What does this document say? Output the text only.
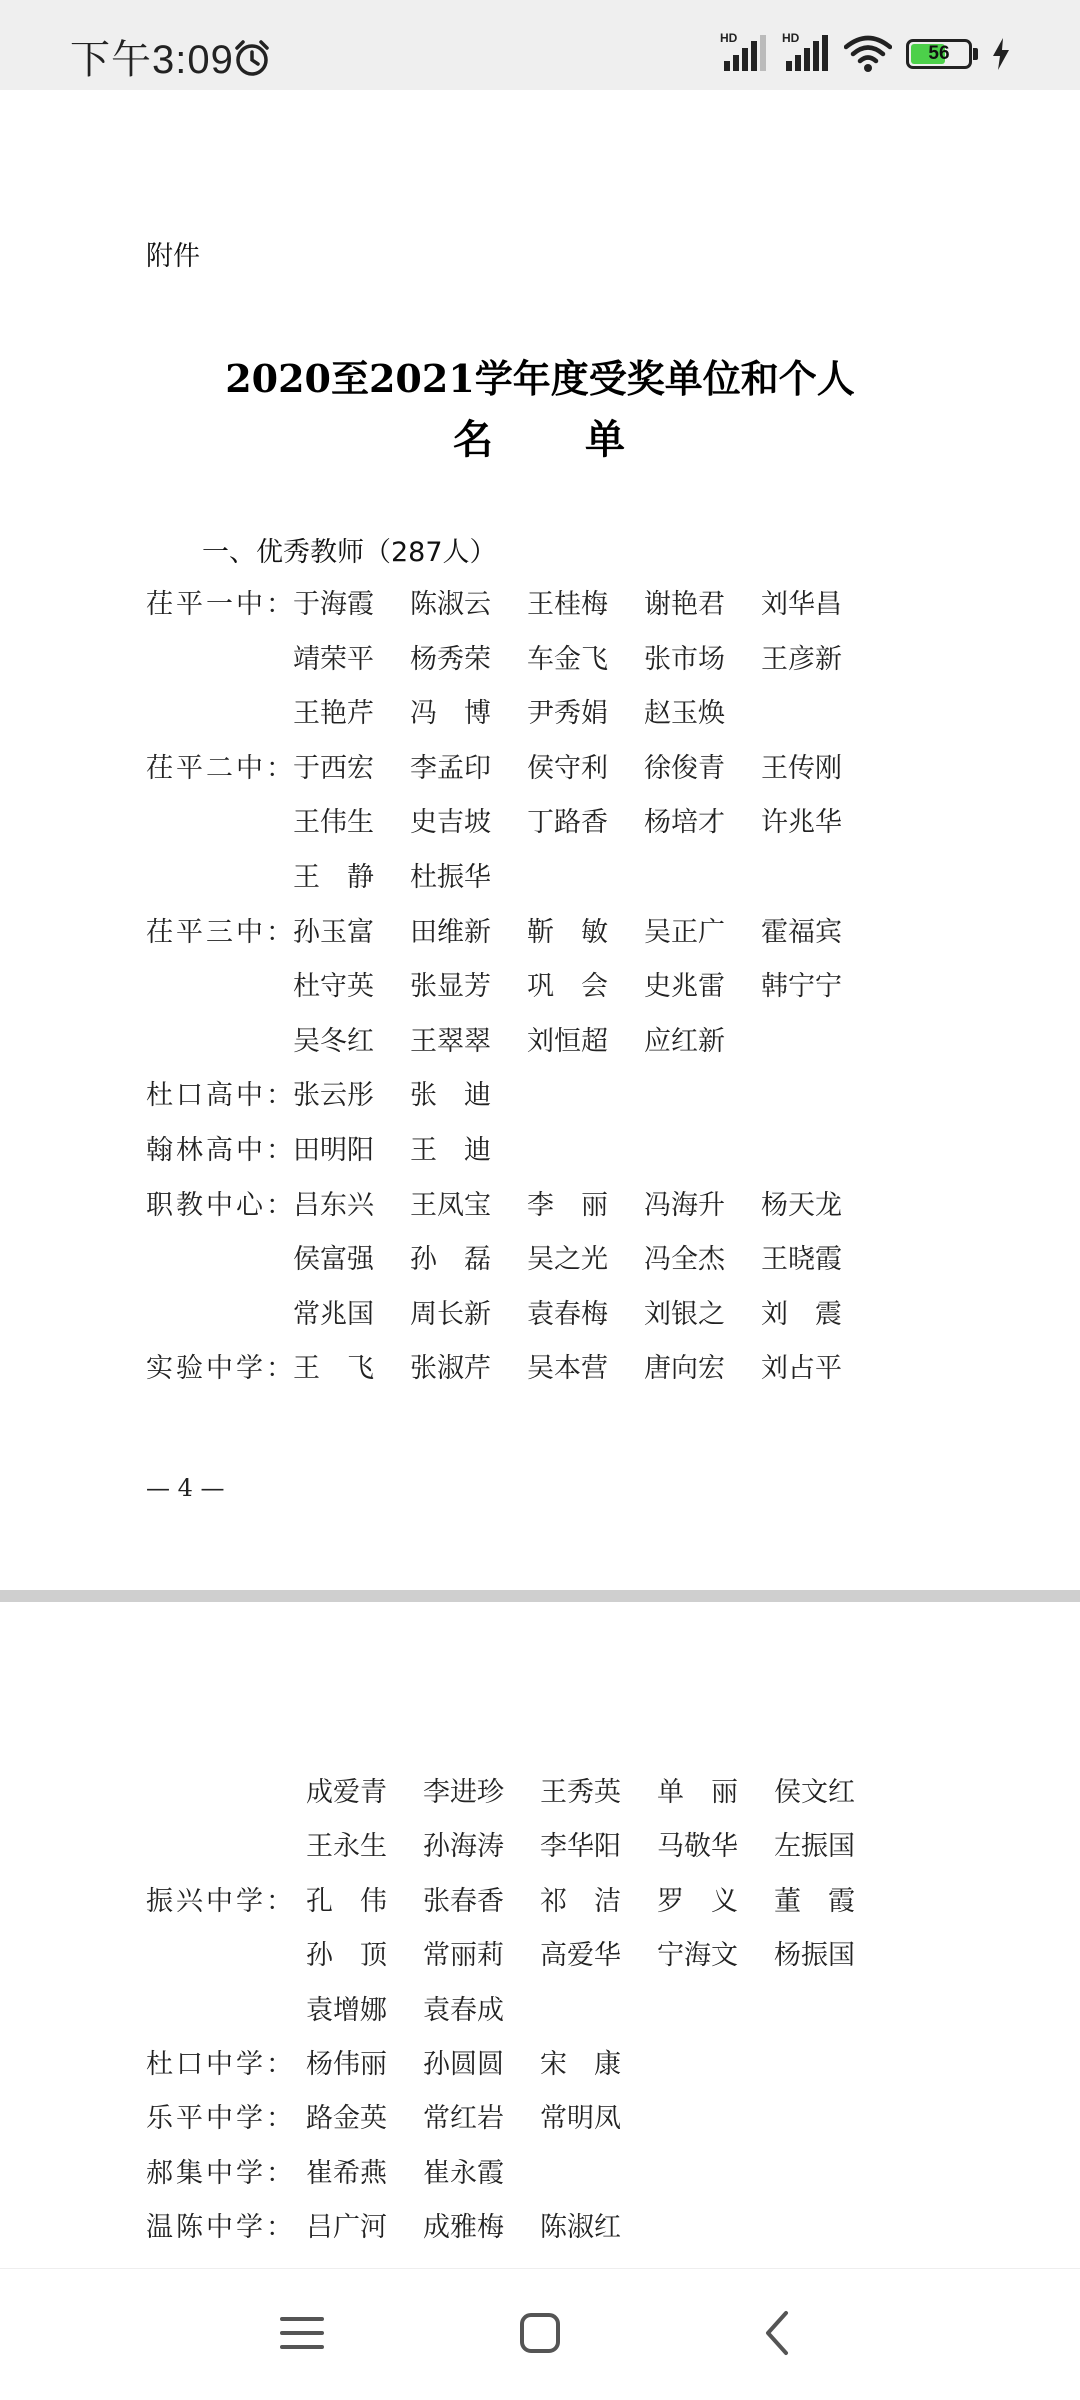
下午3:09	HD	HD
56
附件
2020至2021学年度受奖单位和个人
名 单
一、优秀教师（287人）
茌平一中：
于海霞	陈淑云	王桂梅	谢艳君	刘华昌
靖荣平	杨秀荣	车金飞	张市场	王彦新
王艳芹	冯　博	尹秀娟	赵玉焕
茌平二中：
于西宏	李孟印	侯守利	徐俊青	王传刚
王伟生	史吉坡	丁路香	杨培才	许兆华
王　静	杜振华
茌平三中：
孙玉富	田维新	靳　敏	吴正广	霍福宾
杜守英	张显芳	巩　会	史兆雷	韩宁宁
吴冬红	王翠翠	刘恒超	应红新
杜口高中：
张云彤	张　迪
翰林高中：
田明阳	王　迪
职教中心：
吕东兴	王凤宝	李　丽	冯海升	杨天龙
侯富强	孙　磊	吴之光	冯全杰	王晓霞
常兆国	周长新	袁春梅	刘银之	刘　震
实验中学：
王　飞	张淑芹	吴本营	唐向宏	刘占平
— 4 —
成爱青	李进珍	王秀英	单　丽	侯文红
王永生	孙海涛	李华阳	马敬华	左振国
振兴中学： 孔　伟	张春香	祁　洁	罗　义	董　霞
孙　顶	常丽莉	高爱华	宁海文	杨振国
袁增娜	袁春成
杜口中学： 杨伟丽	孙圆圆	宋　康
乐平中学： 路金英	常红岩	常明凤
郝集中学： 崔希燕	崔永霞
温陈中学： 吕广河	成雅梅	陈淑红
